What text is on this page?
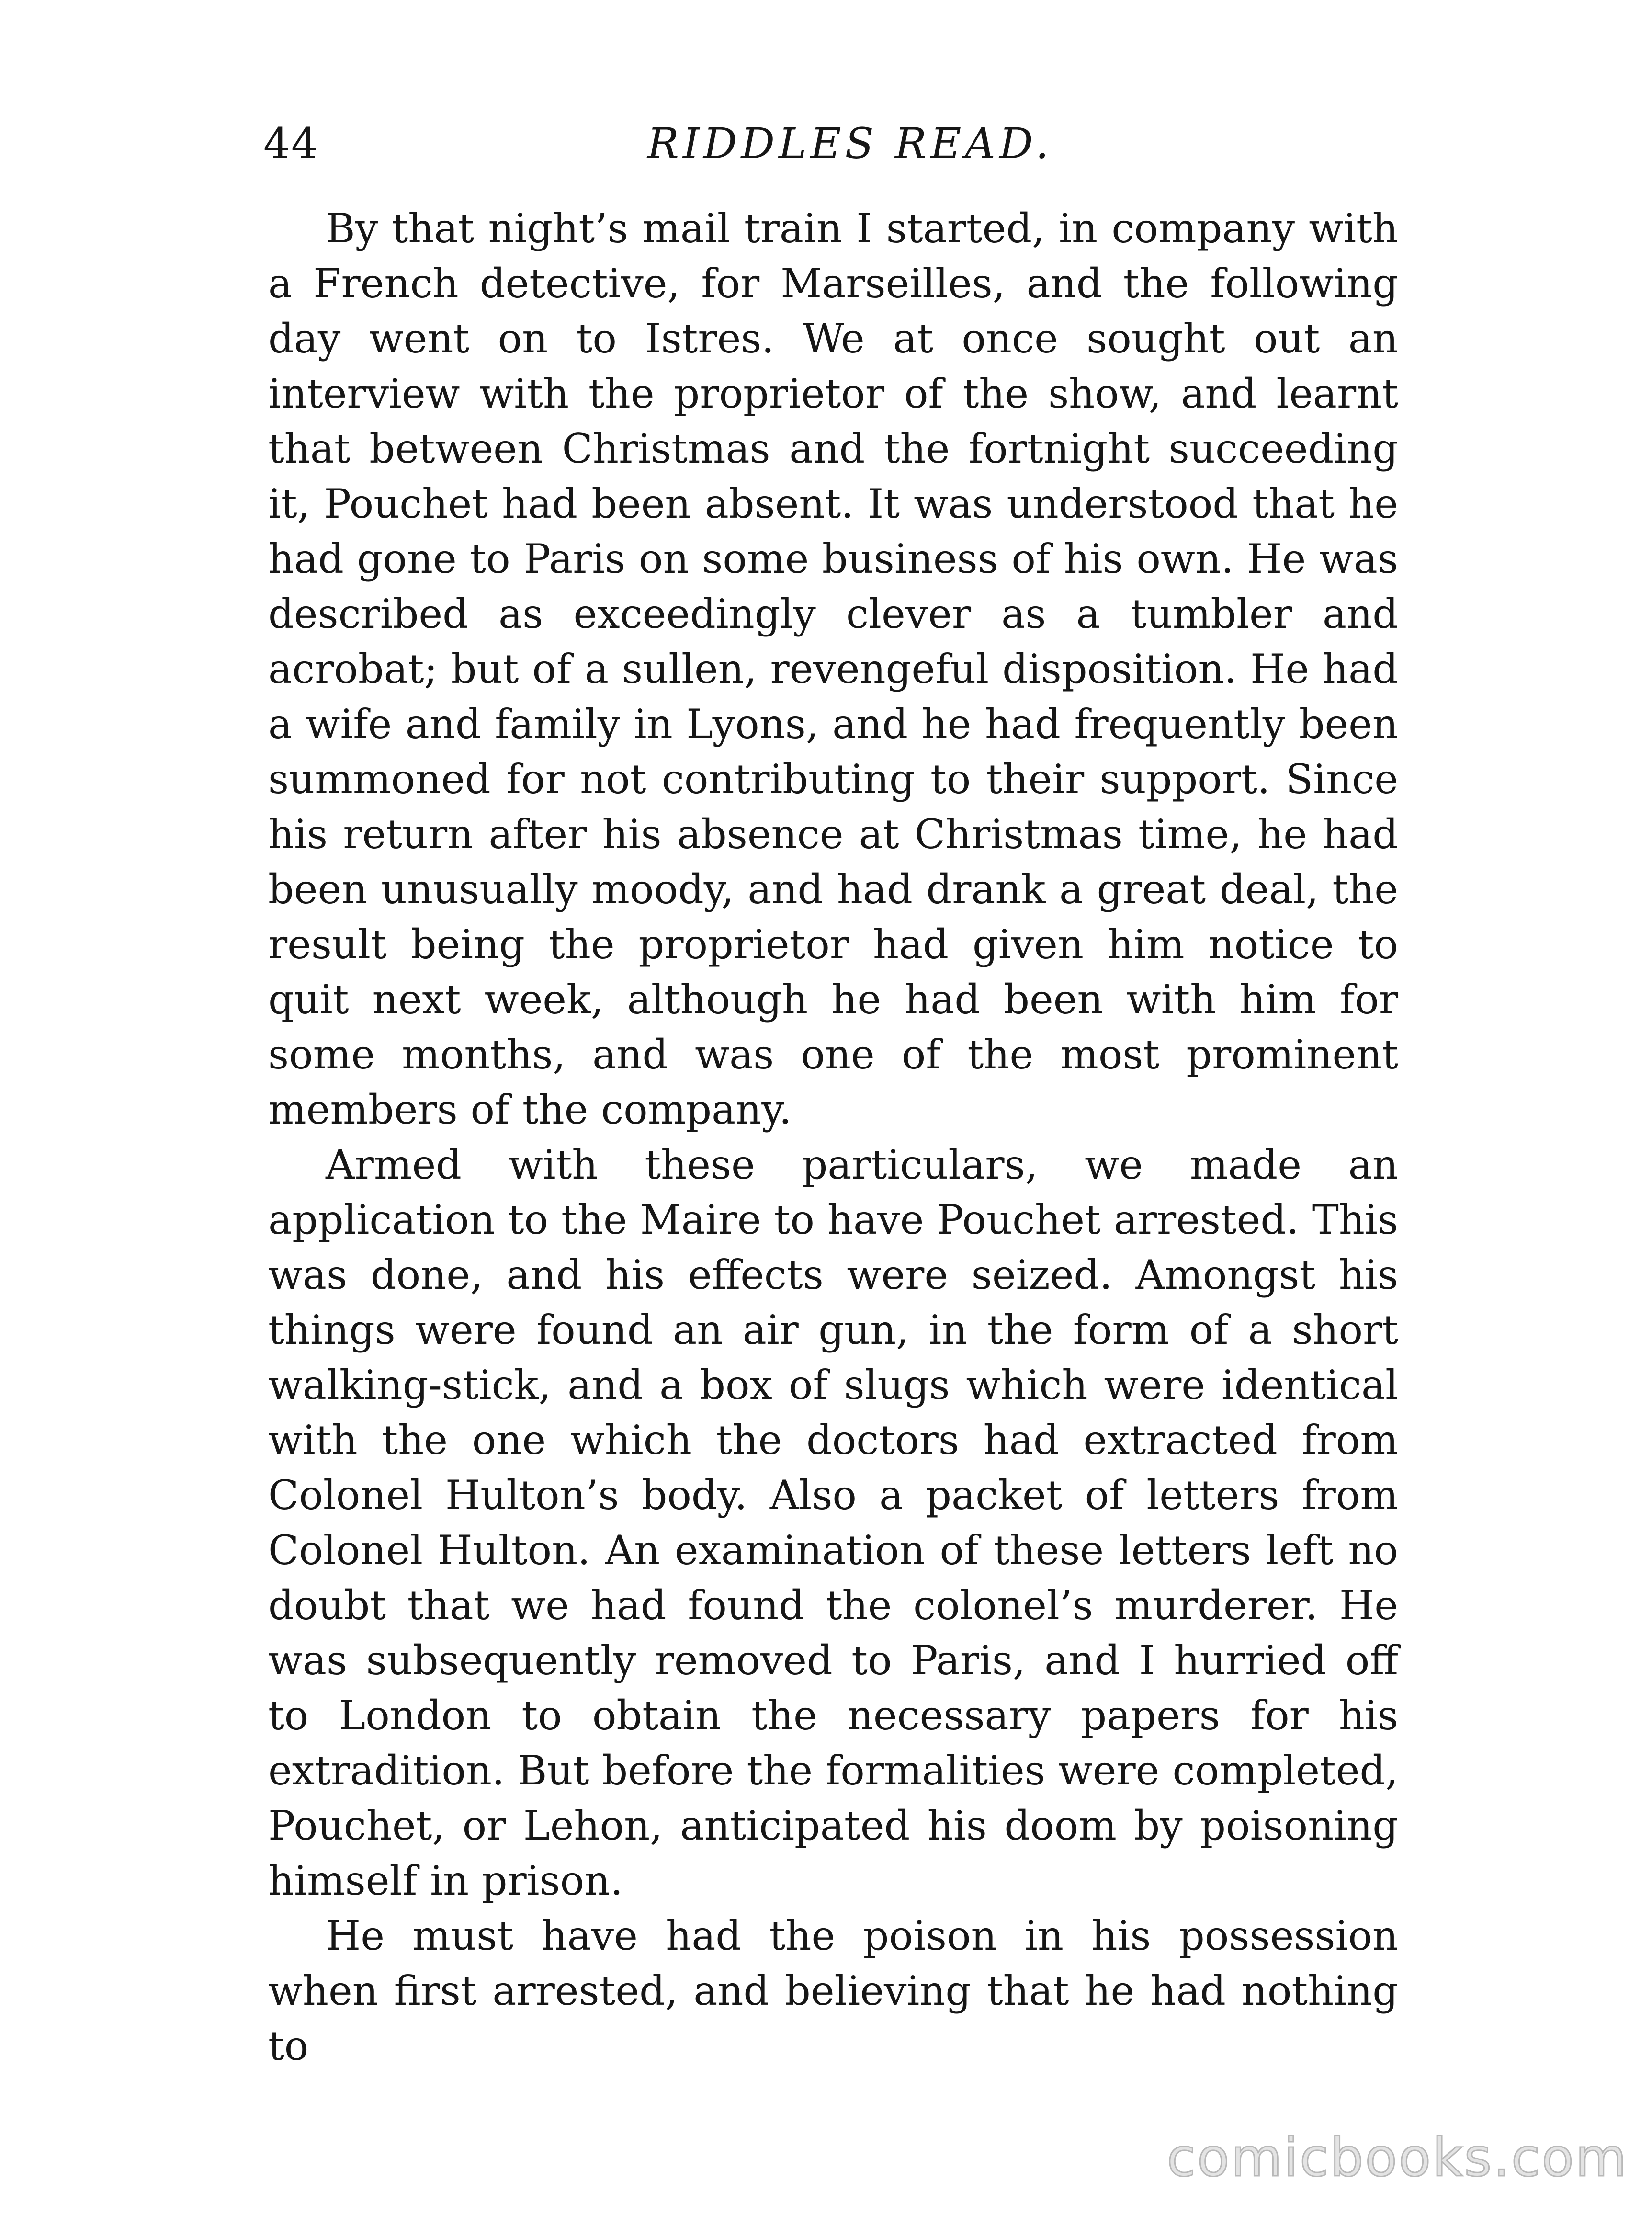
44	RIDDLES READ.

By that night’s mail train I started, in company with a French detective, for Marseilles, and the following day went on to Istres. We at once sought out an interview with the proprietor of the show, and learnt that between Christmas and the fortnight succeeding it, Pouchet had been absent. It was understood that he had gone to Paris on some business of his own. He was described as exceedingly clever as a tumbler and acrobat; but of a sullen, revengeful disposition. He had a wife and family in Lyons, and he had frequently been summoned for not contributing to their support. Since his return after his absence at Christmas time, he had been unusually moody, and had drank a great deal, the result being the proprietor had given him notice to quit next week, although he had been with him for some months, and was one of the most prominent members of the company.

Armed with these particulars, we made an application to the Maire to have Pouchet arrested. This was done, and his effects were seized. Amongst his things were found an air gun, in the form of a short walking-stick, and a box of slugs which were identical with the one which the doctors had extracted from Colonel Hulton’s body. Also a packet of letters from Colonel Hulton. An examination of these letters left no doubt that we had found the colonel’s murderer. He was subsequently removed to Paris, and I hurried off to London to obtain the necessary papers for his extradition. But before the formalities were completed, Pouchet, or Lehon, anticipated his doom by poisoning himself in prison.

He must have had the poison in his possession when first arrested, and believing that he had nothing to

comicbooks.com
